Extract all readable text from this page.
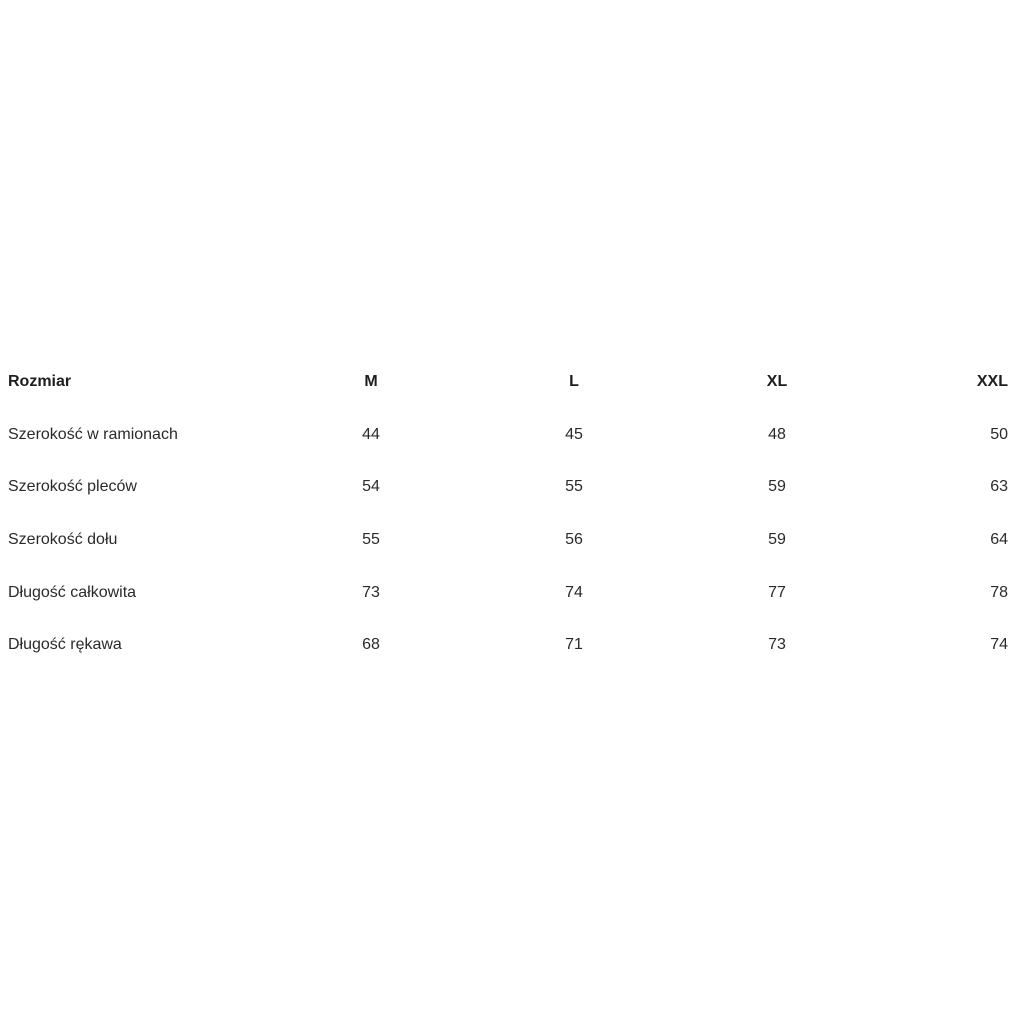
Rozmiar	M	L	XL	XXL
Szerokość w ramionach	44	45	48	50
Szerokość pleców	54	55	59	63
Szerokość dołu	55	56	59	64
Długość całkowita	73	74	77	78
Długość rękawa	68	71	73	74
